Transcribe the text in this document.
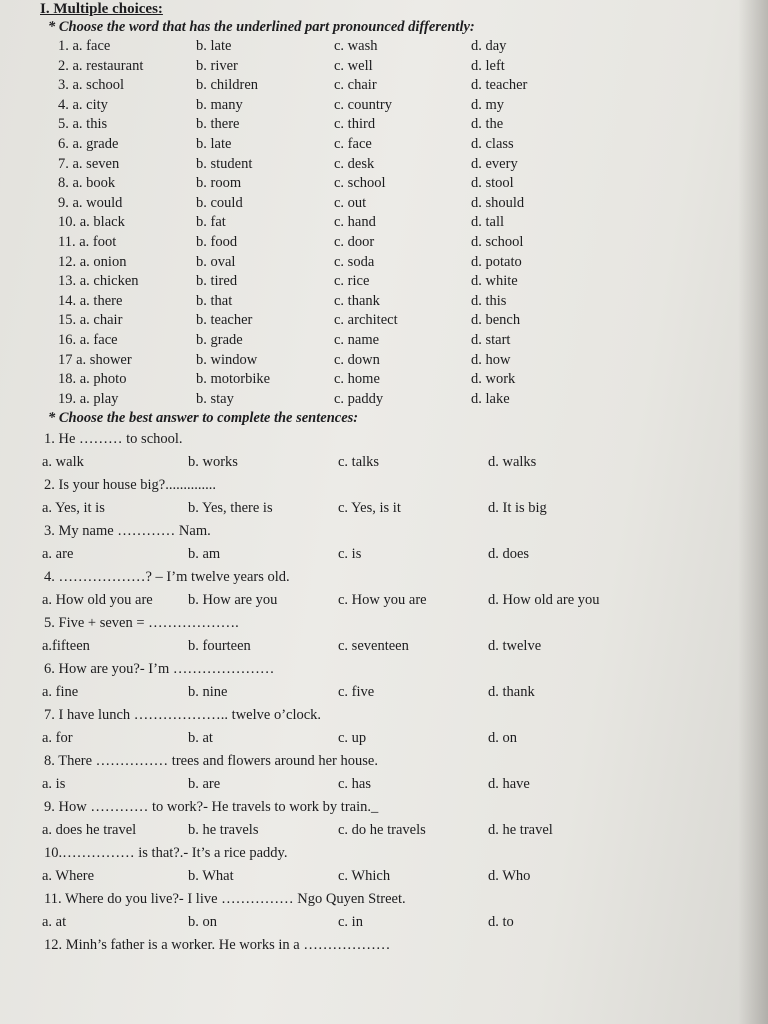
I. Multiple choices:
* Choose the word that has the underlined part pronounced differently:
1. a. face	b. late	c. wash	d. day
2. a. restaurant	b. river	c. well	d. left
3. a. school	b. children	c. chair	d. teacher
4. a. city	b. many	c. country	d. my
5. a. this	b. there	c. third	d. the
6. a. grade	b. late	c. face	d. class
7. a. seven	b. student	c. desk	d. every
8. a. book	b. room	c. school	d. stool
9. a. would	b. could	c. out	d. should
10. a. black	b. fat	c. hand	d. tall
11. a. foot	b. food	c. door	d. school
12. a. onion	b. oval	c. soda	d. potato
13. a. chicken	b. tired	c. rice	d. white
14. a. there	b. that	c. thank	d. this
15. a. chair	b. teacher	c. architect	d. bench
16. a. face	b. grade	c. name	d. start
17 a. shower	b. window	c. down	d. how
18. a. photo	b. motorbike	c. home	d. work
19. a. play	b. stay	c. paddy	d. lake
* Choose the best answer to complete the sentences:
1. He ……… to school.
a. walk	b. works	c. talks	d. walks
2. Is your house big?..............
a. Yes, it is	b. Yes, there is	c. Yes, is it	d. It is big
3. My name ………… Nam.
a. are	b. am	c. is	d. does
4. ………………? – I’m twelve years old.
a. How old you are b. How are you	c. How you are	d. How old are you
5. Five + seven = ……………….
a.fifteen	b. fourteen	c. seventeen	d. twelve
6. How are you?- I’m …………………
a. fine	b. nine	c. five	d. thank
7. I have lunch ……………….. twelve o’clock.
a. for	b. at	c. up	d. on
8. There …………… trees and flowers around her house.
a. is	b. are	c. has	d. have
9. How ………… to work?- He travels to work by train._
a. does he travel	b. he travels	c. do he travels	d. he travel
10.…………… is that?.- It’s a rice paddy.
a. Where	b. What	c. Which	d. Who
11. Where do you live?- I live …………… Ngo Quyen Street.
a. at	b. on	c. in	d. to
12. Minh’s father is a worker. He works in a ………………
